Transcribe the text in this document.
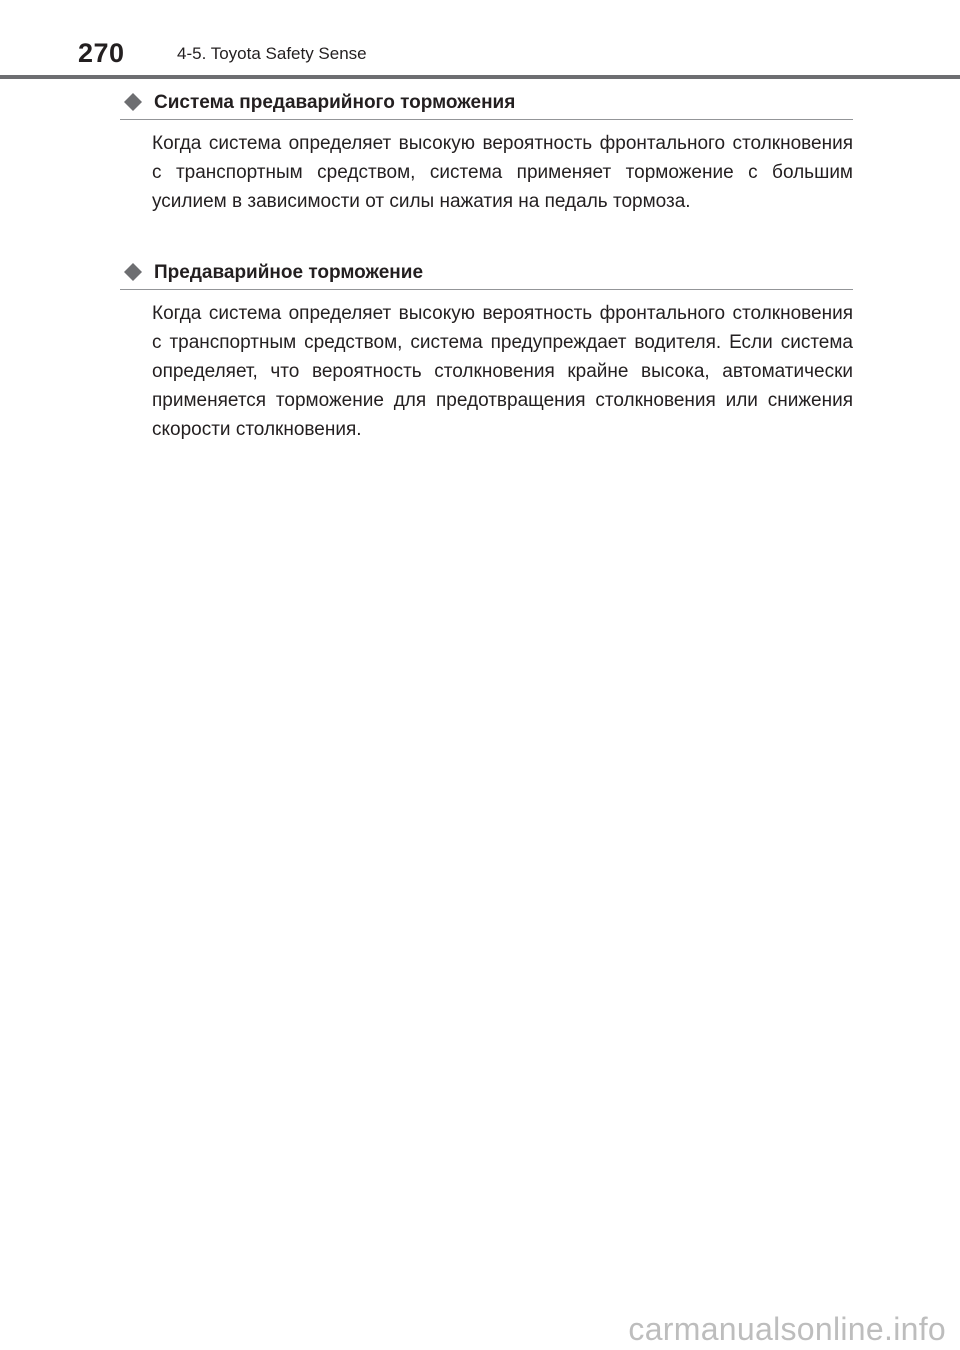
270	4-5. Toyota Safety Sense
Система предаварийного торможения

Когда система определяет высокую вероятность фронтального столкновения с транспортным средством, система применяет торможение с большим усилием в зависимости от силы нажатия на педаль тормоза.

Предаварийное торможение

Когда система определяет высокую вероятность фронтального столкновения с транспортным средством, система предупреждает водителя. Если система определяет, что вероятность столкновения крайне высока, автоматически применяется торможение для предотвращения столкновения или снижения скорости столкновения.

carmanualsonline.info
